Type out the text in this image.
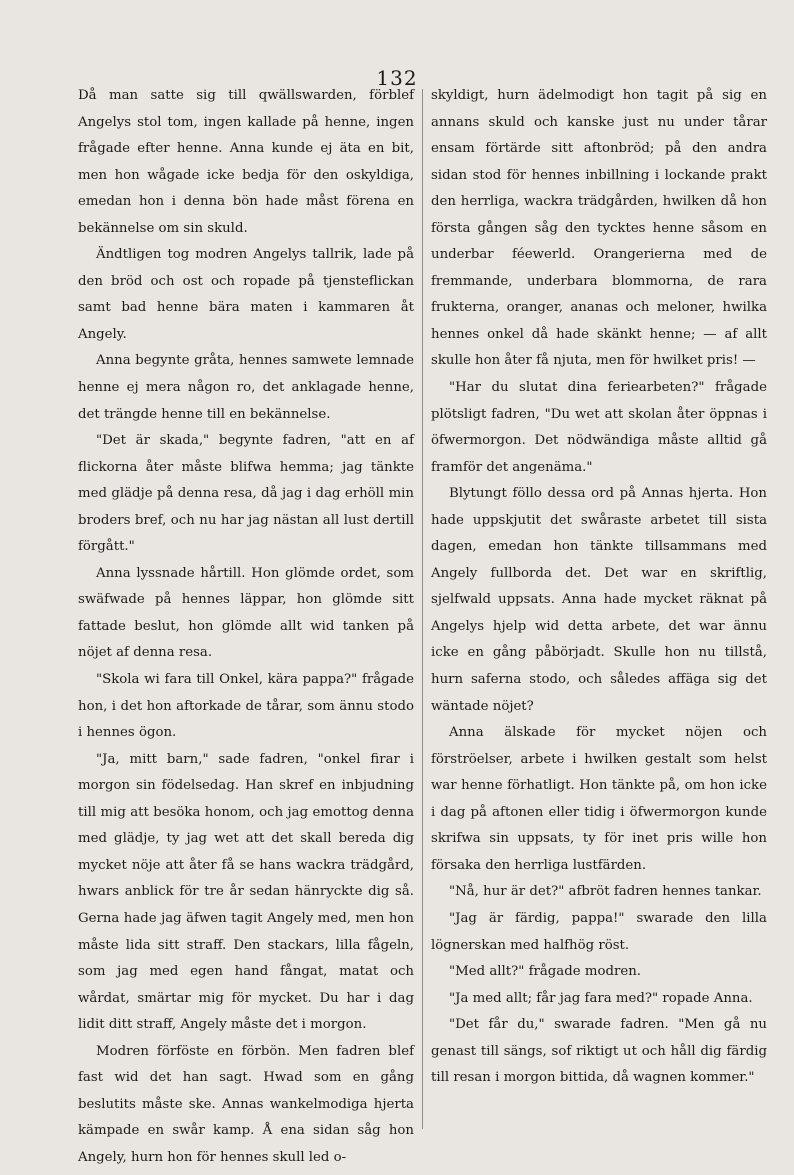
132

Då man satte sig till qwällswarden, förblef Angelys stol tom, ingen kallade på henne, ingen frågade efter henne. Anna kunde ej äta en bit, men hon wågade icke bedja för den oskyldiga, emedan hon i denna bön hade måst förena en bekännelse om sin skuld.

Ändtligen tog modren Angelys tallrik, lade på den bröd och ost och ropade på tjensteflickan samt bad henne bära maten i kammaren åt Angely.

Anna begynte gråta, hennes samwete lemnade henne ej mera någon ro, det anklagade henne, det trängde henne till en bekännelse.

"Det är skada," begynte fadren, "att en af flickorna åter måste blifwa hemma; jag tänkte med glädje på denna resa, då jag i dag erhöll min broders bref, och nu har jag nästan all lust dertill förgått."

Anna lyssnade hårtill. Hon glömde ordet, som swäfwade på hennes läppar, hon glömde sitt fattade beslut, hon glömde allt wid tanken på nöjet af denna resa.

"Skola wi fara till Onkel, kära pappa?" frågade hon, i det hon aftorkade de tårar, som ännu stodo i hennes ögon.

"Ja, mitt barn," sade fadren, "onkel firar i morgon sin födelsedag. Han skref en inbjudning till mig att besöka honom, och jag emottog denna med glädje, ty jag wet att det skall bereda dig mycket nöje att åter få se hans wackra trädgård, hwars anblick för tre år sedan hänryckte dig så. Gerna hade jag äfwen tagit Angely med, men hon måste lida sitt straff. Den stackars, lilla fågeln, som jag med egen hand fångat, matat och wårdat, smärtar mig för mycket. Du har i dag lidit ditt straff, Angely måste det i morgon.

Modren förföste en förbön. Men fadren blef fast wid det han sagt. Hwad som en gång beslutits måste ske. Annas wankelmodiga hjerta kämpade en swår kamp. Å ena sidan såg hon Angely, hurn hon för hennes skull led o-

skyldigt, hurn ädelmodigt hon tagit på sig en annans skuld och kanske just nu under tårar ensam förtärde sitt aftonbröd; på den andra sidan stod för hennes inbillning i lockande prakt den herrliga, wackra trädgården, hwilken då hon första gången såg den tycktes henne såsom en underbar féewerld. Orangerierna med de fremmande, underbara blommorna, de rara frukterna, oranger, ananas och meloner, hwilka hennes onkel då hade skänkt henne; — af allt skulle hon åter få njuta, men för hwilket pris! —

"Har du slutat dina feriearbeten?" frågade plötsligt fadren, "Du wet att skolan åter öppnas i öfwermorgon. Det nödwändiga måste alltid gå framför det angenäma."

Blytungt föllo dessa ord på Annas hjerta. Hon hade uppskjutit det swåraste arbetet till sista dagen, emedan hon tänkte tillsammans med Angely fullborda det. Det war en skriftlig, sjelfwald uppsats. Anna hade mycket räknat på Angelys hjelp wid detta arbete, det war ännu icke en gång påbörjadt. Skulle hon nu tillstå, hurn saferna stodo, och således affäga sig det wäntade nöjet?

Anna älskade för mycket nöjen och förströelser, arbete i hwilken gestalt som helst war henne förhatligt. Hon tänkte på, om hon icke i dag på aftonen eller tidig i öfwermorgon kunde skrifwa sin uppsats, ty för inet pris wille hon försaka den herrliga lustfärden.

"Nå, hur är det?" afbröt fadren hennes tankar.

"Jag är färdig, pappa!" swarade den lilla lögnerskan med halfhög röst.

"Med allt?" frågade modren.

"Ja med allt; får jag fara med?" ropade Anna.

"Det får du," swarade fadren. "Men gå nu genast till sängs, sof riktigt ut och håll dig färdig till resan i morgon bittida, då wagnen kommer."
